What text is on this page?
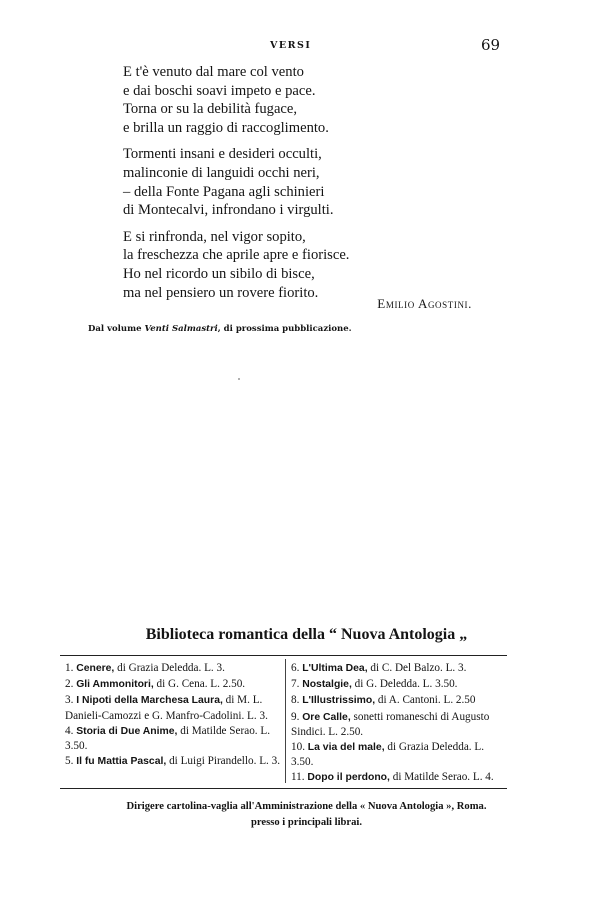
VERSI	69
E t'è venuto dal mare col vento
e dai boschi soavi impeto e pace.
Torna or su la debilità fugace,
e brilla un raggio di raccoglimento.
Tormenti insani e desideri occulti,
malinconie di languidi occhi neri,
– della Fonte Pagana agli schinieri
di Montecalvi, infrondano i virgulti.
E si rinfronda, nel vigor sopito,
la freschezza che aprile apre e fiorisce.
Ho nel ricordo un sibilo di bisce,
ma nel pensiero un rovere fiorito.
Emilio Agostini.
Dal volume Venti Salmastri, di prossima pubblicazione.
Biblioteca romantica della “ Nuova Antologia „
1. Cenere, di Grazia Deledda. L. 3.
2. Gli Ammonitori, di G. Cena. L. 2.50.
3. I Nipoti della Marchesa Laura, di M. L. Danieli-Camozzi e G. Manfro-Cadolini. L. 3.
4. Storia di Due Anime, di Matilde Serao. L. 3.50.
5. Il fu Mattia Pascal, di Luigi Pirandello. L. 3.
6. L'Ultima Dea, di C. Del Balzo. L. 3.
7. Nostalgie, di G. Deledda. L. 3.50.
8. L'Illustrissimo, di A. Cantoni. L. 2.50
9. Ore Calle, sonetti romaneschi di Augusto Sindici. L. 2.50.
10. La via del male, di Grazia Deledda. L. 3.50.
11. Dopo il perdono, di Matilde Serao. L. 4.
Dirigere cartolina-vaglia all'Amministrazione della « Nuova Antologia », Roma.
presso i principali librai.
